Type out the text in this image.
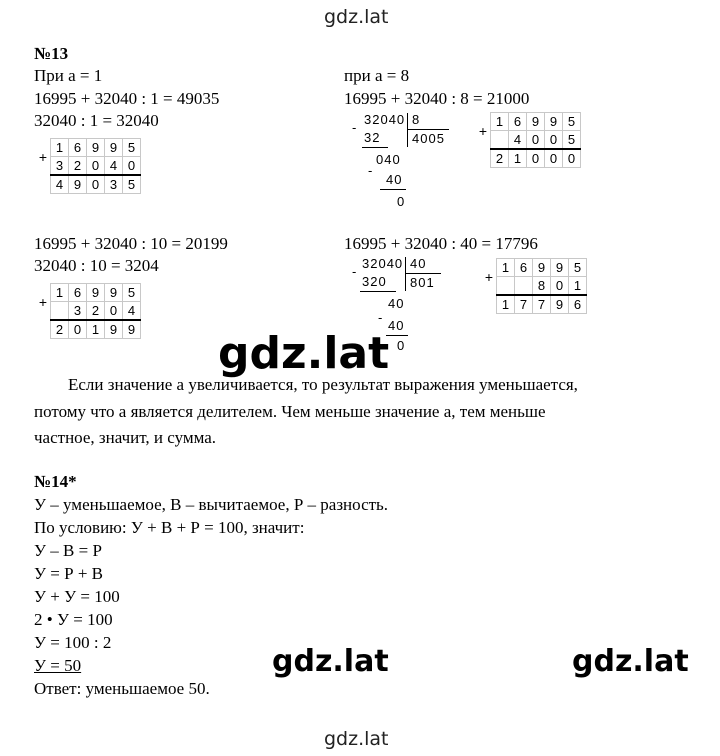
gdz.lat
gdz.lat
gdz.lat	gdz.lat
gdz.lat
№13
При a = 1
16995 + 32040 : 1 = 49035
32040 : 1 = 32040
+	1	6	9	9	5
	3	2	0	4	0
	4	9	0	3	5
при a = 8
16995 + 32040 : 8 = 21000
32040 8
4005
-
32
040
-
40
0
+	1	6	9	9	5
		4	0	0	5
	2	1	0	0	0
16995 + 32040 : 10 = 20199
32040 : 10 = 3204
+	1	6	9	9	5
		3	2	0	4
	2	0	1	9	9
16995 + 32040 : 40 = 17796
32040 40
801
-
320
40
-
40
0
+	1	6	9	9	5
			8	0	1
	1	7	7	9	6
Если значение a увеличивается, то результат выражения уменьшается,
потому что a является делителем. Чем меньше значение a, тем меньше
частное, значит, и сумма.
№14*
У – уменьшаемое, В – вычитаемое, Р – разность.
По условию: У + В + Р = 100, значит:
У – В = Р
У = Р + В
У + У = 100
2 • У = 100
У = 100 : 2
У = 50
Ответ: уменьшаемое 50.
